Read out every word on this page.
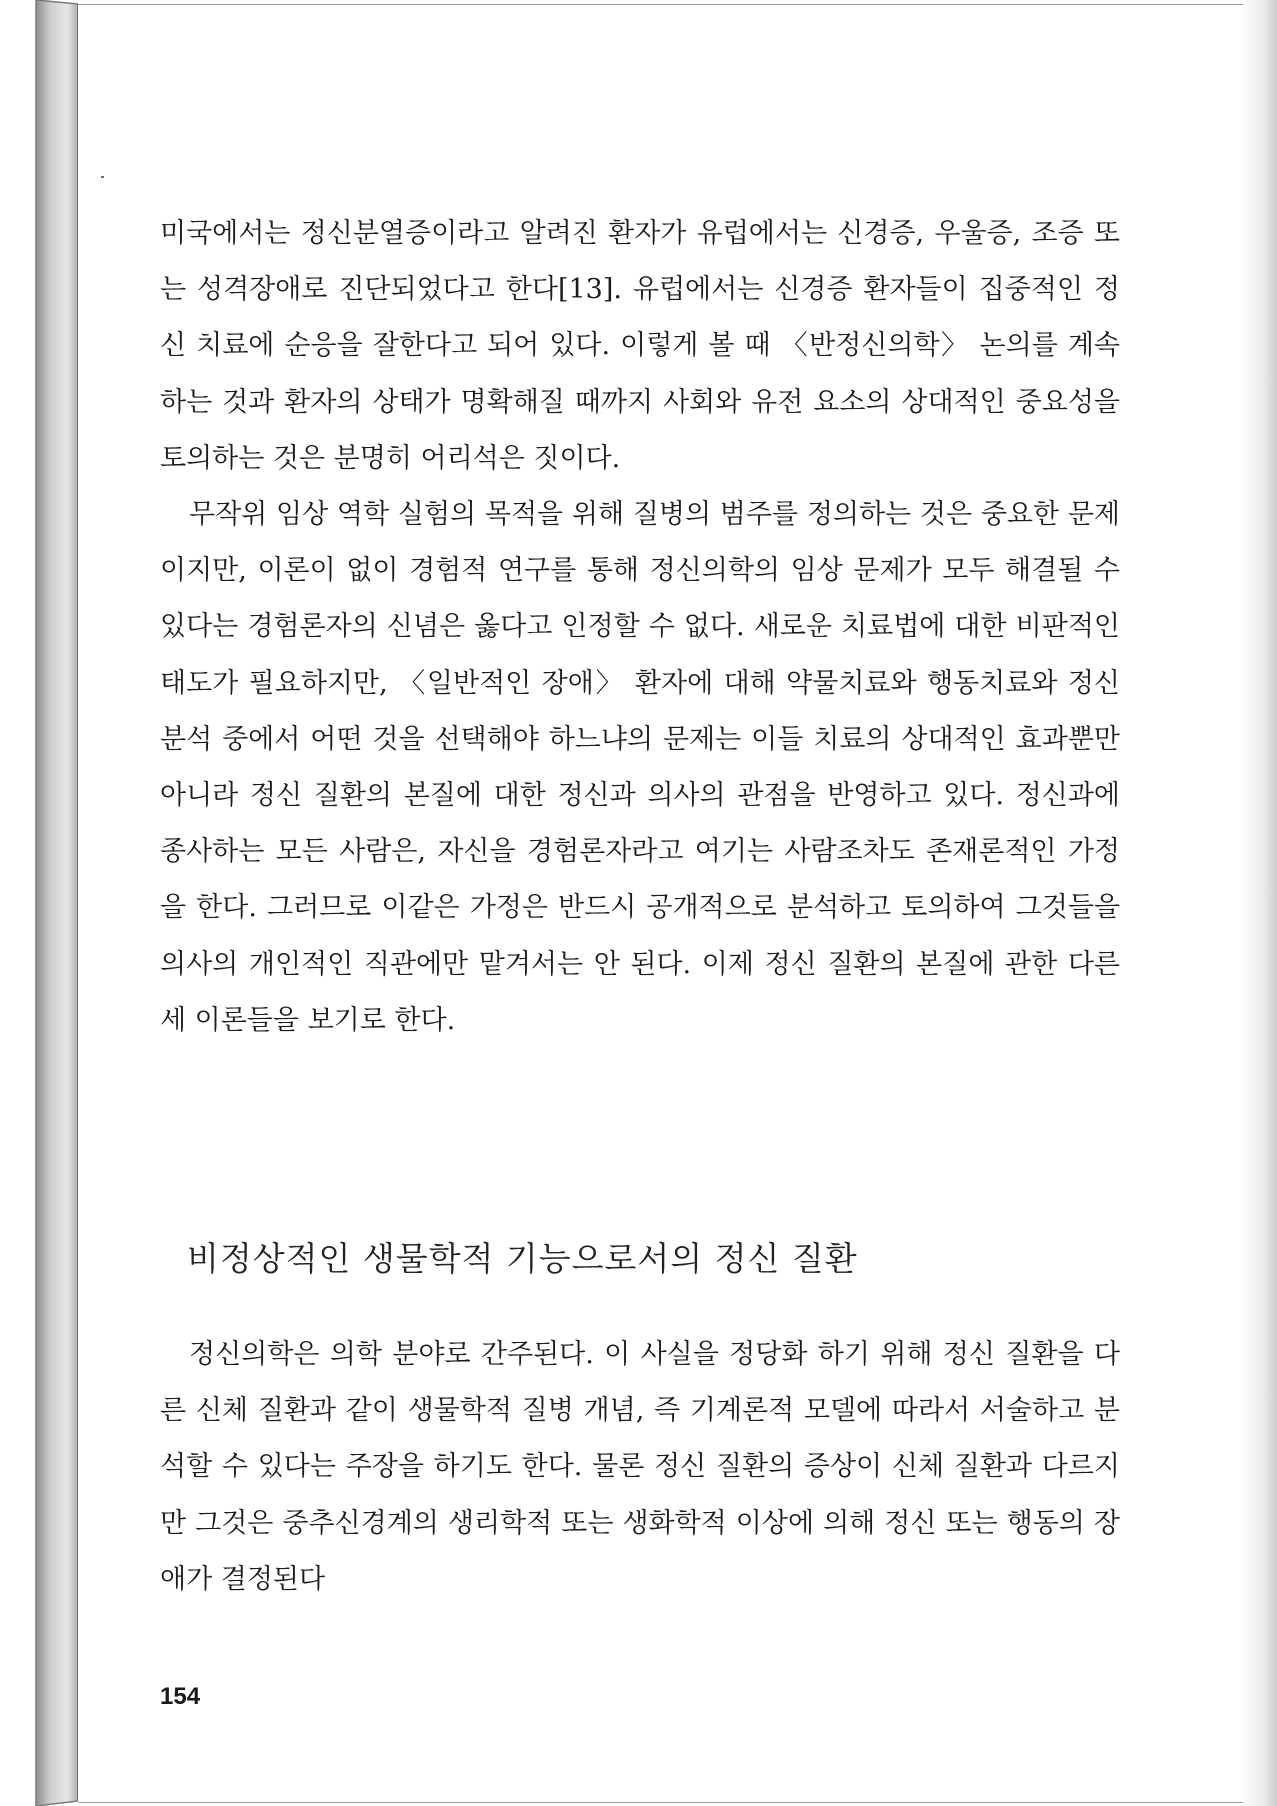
미국에서는 정신분열증이라고 알려진 환자가 유럽에서는 신경증, 우울증, 조증 또는 성격장애로 진단되었다고 한다[13]. 유럽에서는 신경증 환자들이 집중적인 정신 치료에 순응을 잘한다고 되어 있다. 이렇게 볼 때 〈반정신의학〉 논의를 계속하는 것과 환자의 상태가 명확해질 때까지 사회와 유전 요소의 상대적인 중요성을 토의하는 것은 분명히 어리석은 짓이다.

무작위 임상 역학 실험의 목적을 위해 질병의 범주를 정의하는 것은 중요한 문제이지만, 이론이 없이 경험적 연구를 통해 정신의학의 임상 문제가 모두 해결될 수 있다는 경험론자의 신념은 옳다고 인정할 수 없다. 새로운 치료법에 대한 비판적인 태도가 필요하지만, 〈일반적인 장애〉 환자에 대해 약물치료와 행동치료와 정신분석 중에서 어떤 것을 선택해야 하느냐의 문제는 이들 치료의 상대적인 효과뿐만 아니라 정신 질환의 본질에 대한 정신과 의사의 관점을 반영하고 있다. 정신과에 종사하는 모든 사람은, 자신을 경험론자라고 여기는 사람조차도 존재론적인 가정을 한다. 그러므로 이같은 가정은 반드시 공개적으로 분석하고 토의하여 그것들을 의사의 개인적인 직관에만 맡겨서는 안 된다. 이제 정신 질환의 본질에 관한 다른 세 이론들을 보기로 한다.

비정상적인 생물학적 기능으로서의 정신 질환

정신의학은 의학 분야로 간주된다. 이 사실을 정당화 하기 위해 정신 질환을 다른 신체 질환과 같이 생물학적 질병 개념, 즉 기계론적 모델에 따라서 서술하고 분석할 수 있다는 주장을 하기도 한다. 물론 정신 질환의 증상이 신체 질환과 다르지만 그것은 중추신경계의 생리학적 또는 생화학적 이상에 의해 정신 또는 행동의 장애가 결정된다

154
